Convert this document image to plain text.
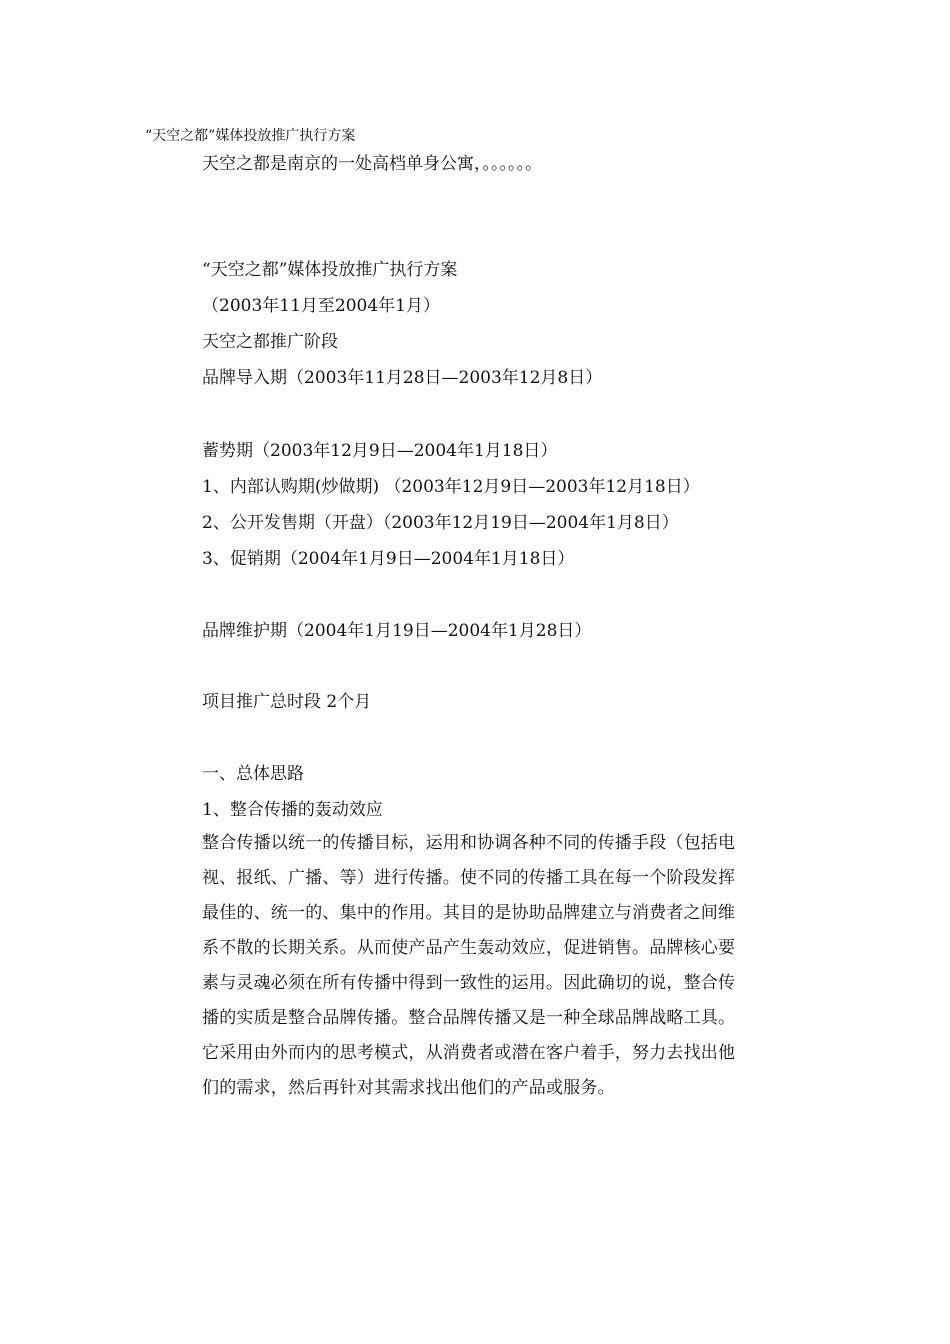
“天空之都”媒体投放推广执行方案
天空之都是南京的一处高档单身公寓，。。。。。。
“天空之都”媒体投放推广执行方案
（2003年11月至2004年1月）
天空之都推广阶段
品牌导入期（2003年11月28日—2003年12月8日）
蓄势期（2003年12月9日—2004年1月18日）
1、内部认购期(炒做期) （2003年12月9日—2003年12月18日）
2、公开发售期（开盘）（2003年12月19日—2004年1月8日）
3、促销期（2004年1月9日—2004年1月18日）
品牌维护期（2004年1月19日—2004年1月28日）
项目推广总时段 2个月
一、总体思路
1、整合传播的轰动效应
整合传播以统一的传播目标，运用和协调各种不同的传播手段（包括电
视、报纸、广播、等）进行传播。使不同的传播工具在每一个阶段发挥
最佳的、统一的、集中的作用。其目的是协助品牌建立与消费者之间维
系不散的长期关系。从而使产品产生轰动效应，促进销售。品牌核心要
素与灵魂必须在所有传播中得到一致性的运用。因此确切的说，整合传
播的实质是整合品牌传播。整合品牌传播又是一种全球品牌战略工具。
它采用由外而内的思考模式，从消费者或潜在客户着手，努力去找出他
们的需求，然后再针对其需求找出他们的产品或服务。
